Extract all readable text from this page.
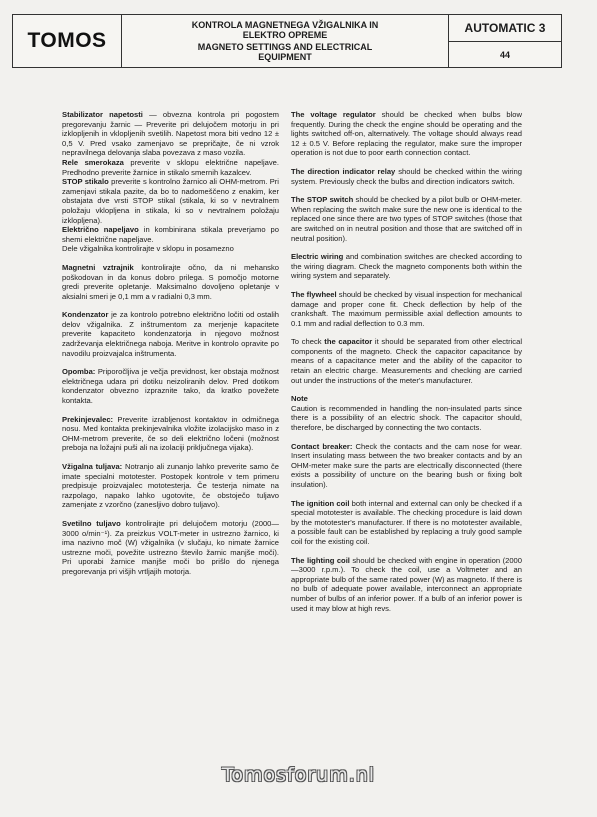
TOMOS
KONTROLA MAGNETNEGA VŽIGALNIKA IN
ELEKTRO OPREME
MAGNETO SETTINGS AND ELECTRICAL
EQUIPMENT
AUTOMATIC 3
44

Stabilizator napetosti — obvezna kontrola pri pogostem pregorevanju žarnic — Preverite pri delujočem motorju in pri izklopljenih in vklopljenih svetilih. Napetost mora biti vedno 12 ± 0,5 V. Pred vsako zamenjavo se prepričajte, če ni vzrok nepravilnega delovanja slaba povezava z maso vozila.

Rele smerokaza preverite v sklopu električne napeljave. Predhodno preverite žarnice in stikalo smernih kazalcev.

STOP stikalo preverite s kontrolno žarnico ali OHM-metrom. Pri zamenjavi stikala pazite, da bo to nadomeščeno z enakim, ker obstajata dve vrsti STOP stikal (stikala, ki so v nevtralnem položaju vklopljena in stikala, ki so v nevtralnem položaju izklopljena).

Električno napeljavo in kombinirana stikala preverjamo po shemi električne napeljave.

Dele vžigalnika kontrolirajte v sklopu in posamezno

Magnetni vztrajnik kontrolirajte očno, da ni mehansko poškodovan in da konus dobro prilega. S pomočjo motorne gredi preverite opletanje. Maksimalno dovoljeno opletanje v aksialni smeri je 0,1 mm a v radialni 0,3 mm.

Kondenzator je za kontrolo potrebno električno ločiti od ostalih delov vžigalnika. Z inštrumentom za merjenje kapacitete preverite kapaciteto kondenzatorja in njegovo možnost zadrževanja električnega naboja. Meritve in kontrolo opravite po navodilu proizvajalca inštrumenta.

Opomba: Priporočljiva je večja previdnost, ker obstaja možnost električnega udara pri dotiku neizoliranih delov. Pred dotikom kondenzator obvezno izpraznite tako, da kratko povežete kontakta.

Prekinjevalec: Preverite izrabljenost kontaktov in odmičnega nosu. Med kontakta prekinjevalnika vložite izolacijsko maso in z OHM-metrom preverite, če so deli električno ločeni (možnost preboja na ložajni puši ali na izolaciji priključnega vijaka).

Vžigalna tuljava: Notranjo ali zunanjo lahko preverite samo če imate specialni mototester. Postopek kontrole v tem primeru predpisuje proizvajalec mototesterja. Če testerja nimate na razpolago, napako lahko ugotovite, če obstoječo tuljavo zamenjate z vzorčno (zanesljivo dobro tuljavo).

Svetilno tuljavo kontrolirajte pri delujočem motorju (2000—3000 o/min⁻¹). Za preizkus VOLT-meter in ustrezno žarnico, ki ima nazivno moč (W) vžigalnika (v slučaju, ko nimate žarnice ustrezne moči, povežite ustrezno število žarnic manjše moči). Pri uporabi žarnice manjše moči bo prišlo do njenega pregorevanja pri višjih vrtljajih motorja.

The voltage regulator should be checked when bulbs blow frequently. During the check the engine should be operating and the lights switched off-on, alternatively. The voltage should always read 12 ± 0.5 V. Before replacing the regulator, make sure the improper operation is not due to poor earth connection contact.

The direction indicator relay should be checked within the wiring system. Previously check the bulbs and direction indicators switch.

The STOP switch should be checked by a pilot bulb or OHM-meter. When replacing the switch make sure the new one is identical to the replaced one since there are two types of STOP switches (those that are switched on in neutral position and those that are switched off in neutral position).

Electric wiring and combination switches are checked according to the wiring diagram. Check the magneto components both within the wiring system and separately.

The flywheel should be checked by visual inspection for mechanical damage and proper cone fit. Check deflection by help of the crankshaft. The maximum permissible axial deflection amounts to 0.1 mm and radial deflection to 0.3 mm.

To check the capacitor it should be separated from other electrical components of the magneto. Check the capacitor capacitance by means of a capacitance meter and the ability of the capacitor to retain an electric charge. Measurements and checking are carried out under the instructions of the meter's manufacturer.

Note
Caution is recommended in handling the non-insulated parts since there is a possibility of an electric shock. The capacitor should, therefore, be discharged by connecting the two contacts.

Contact breaker: Check the contacts and the cam nose for wear. Insert insulating mass between the two breaker contacts and by an OHM-meter make sure the parts are electrically disconnected (there exists a possibility of uncture on the bearing bush or fixing bolt insulation).

The ignition coil both internal and external can only be checked if a special mototester is available. The checking procedure is laid down by the mototester's manufacturer. If there is no mototester available, a possible fault can be established by replacing a truly good sample coil for the existing coil.

The lighting coil should be checked with engine in operation (2000—3000 r.p.m.). To check the coil, use a Voltmeter and an appropriate bulb of the same rated power (W) as magneto. If there is no bulb of adequate power available, interconnect an appropriate number of bulbs of an inferior power. If a bulb of an inferior power is used it may blow at high revs.

Tomosforum.nl
